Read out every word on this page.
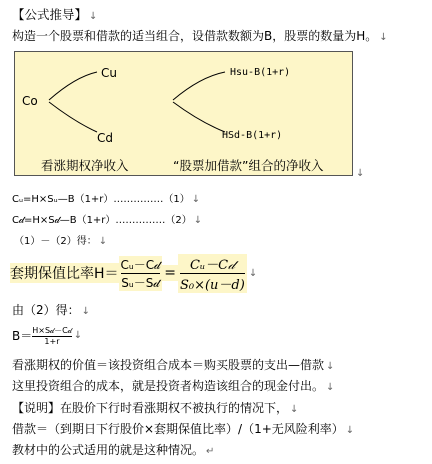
【公式推导】 ↓
构造一个股票和借款的适当组合，设借款数额为B，股票的数量为H。 ↓
Co
Cu
Cd
看涨期权净收入
Hsu-B(1+r)
HSd-B(1+r)
“股票加借款”组合的净收入
↓
Cᵤ=H×Sᵤ—B（1+r）……………（1） ↓
C𝒹=H×S𝒹—B（1+r）……………（2） ↓
（1）－（2）得： ↓
套期保值比率$H= \frac{\text{Cᵤ－C𝒹}}{\text{Sᵤ－S𝒹}} = \frac{\text{Cᵤ－C𝒹}}{\text{S₀×(u－d)}}$ ↓
由（2）得： ↓
$B= \frac{\text{H×S𝒹－C𝒹}}{1+r}$ ↓
看涨期权的价值＝该投资组合成本＝购买股票的支出—借款 ↓
这里投资组合的成本，就是投资者构造该组合的现金付出。 ↓
【说明】在股价下行时看涨期权不被执行的情况下， ↓
借款＝（到期日下行股价×套期保值比率）/（1+无风险利率） ↓
教材中的公式适用的就是这种情况。 ↵
